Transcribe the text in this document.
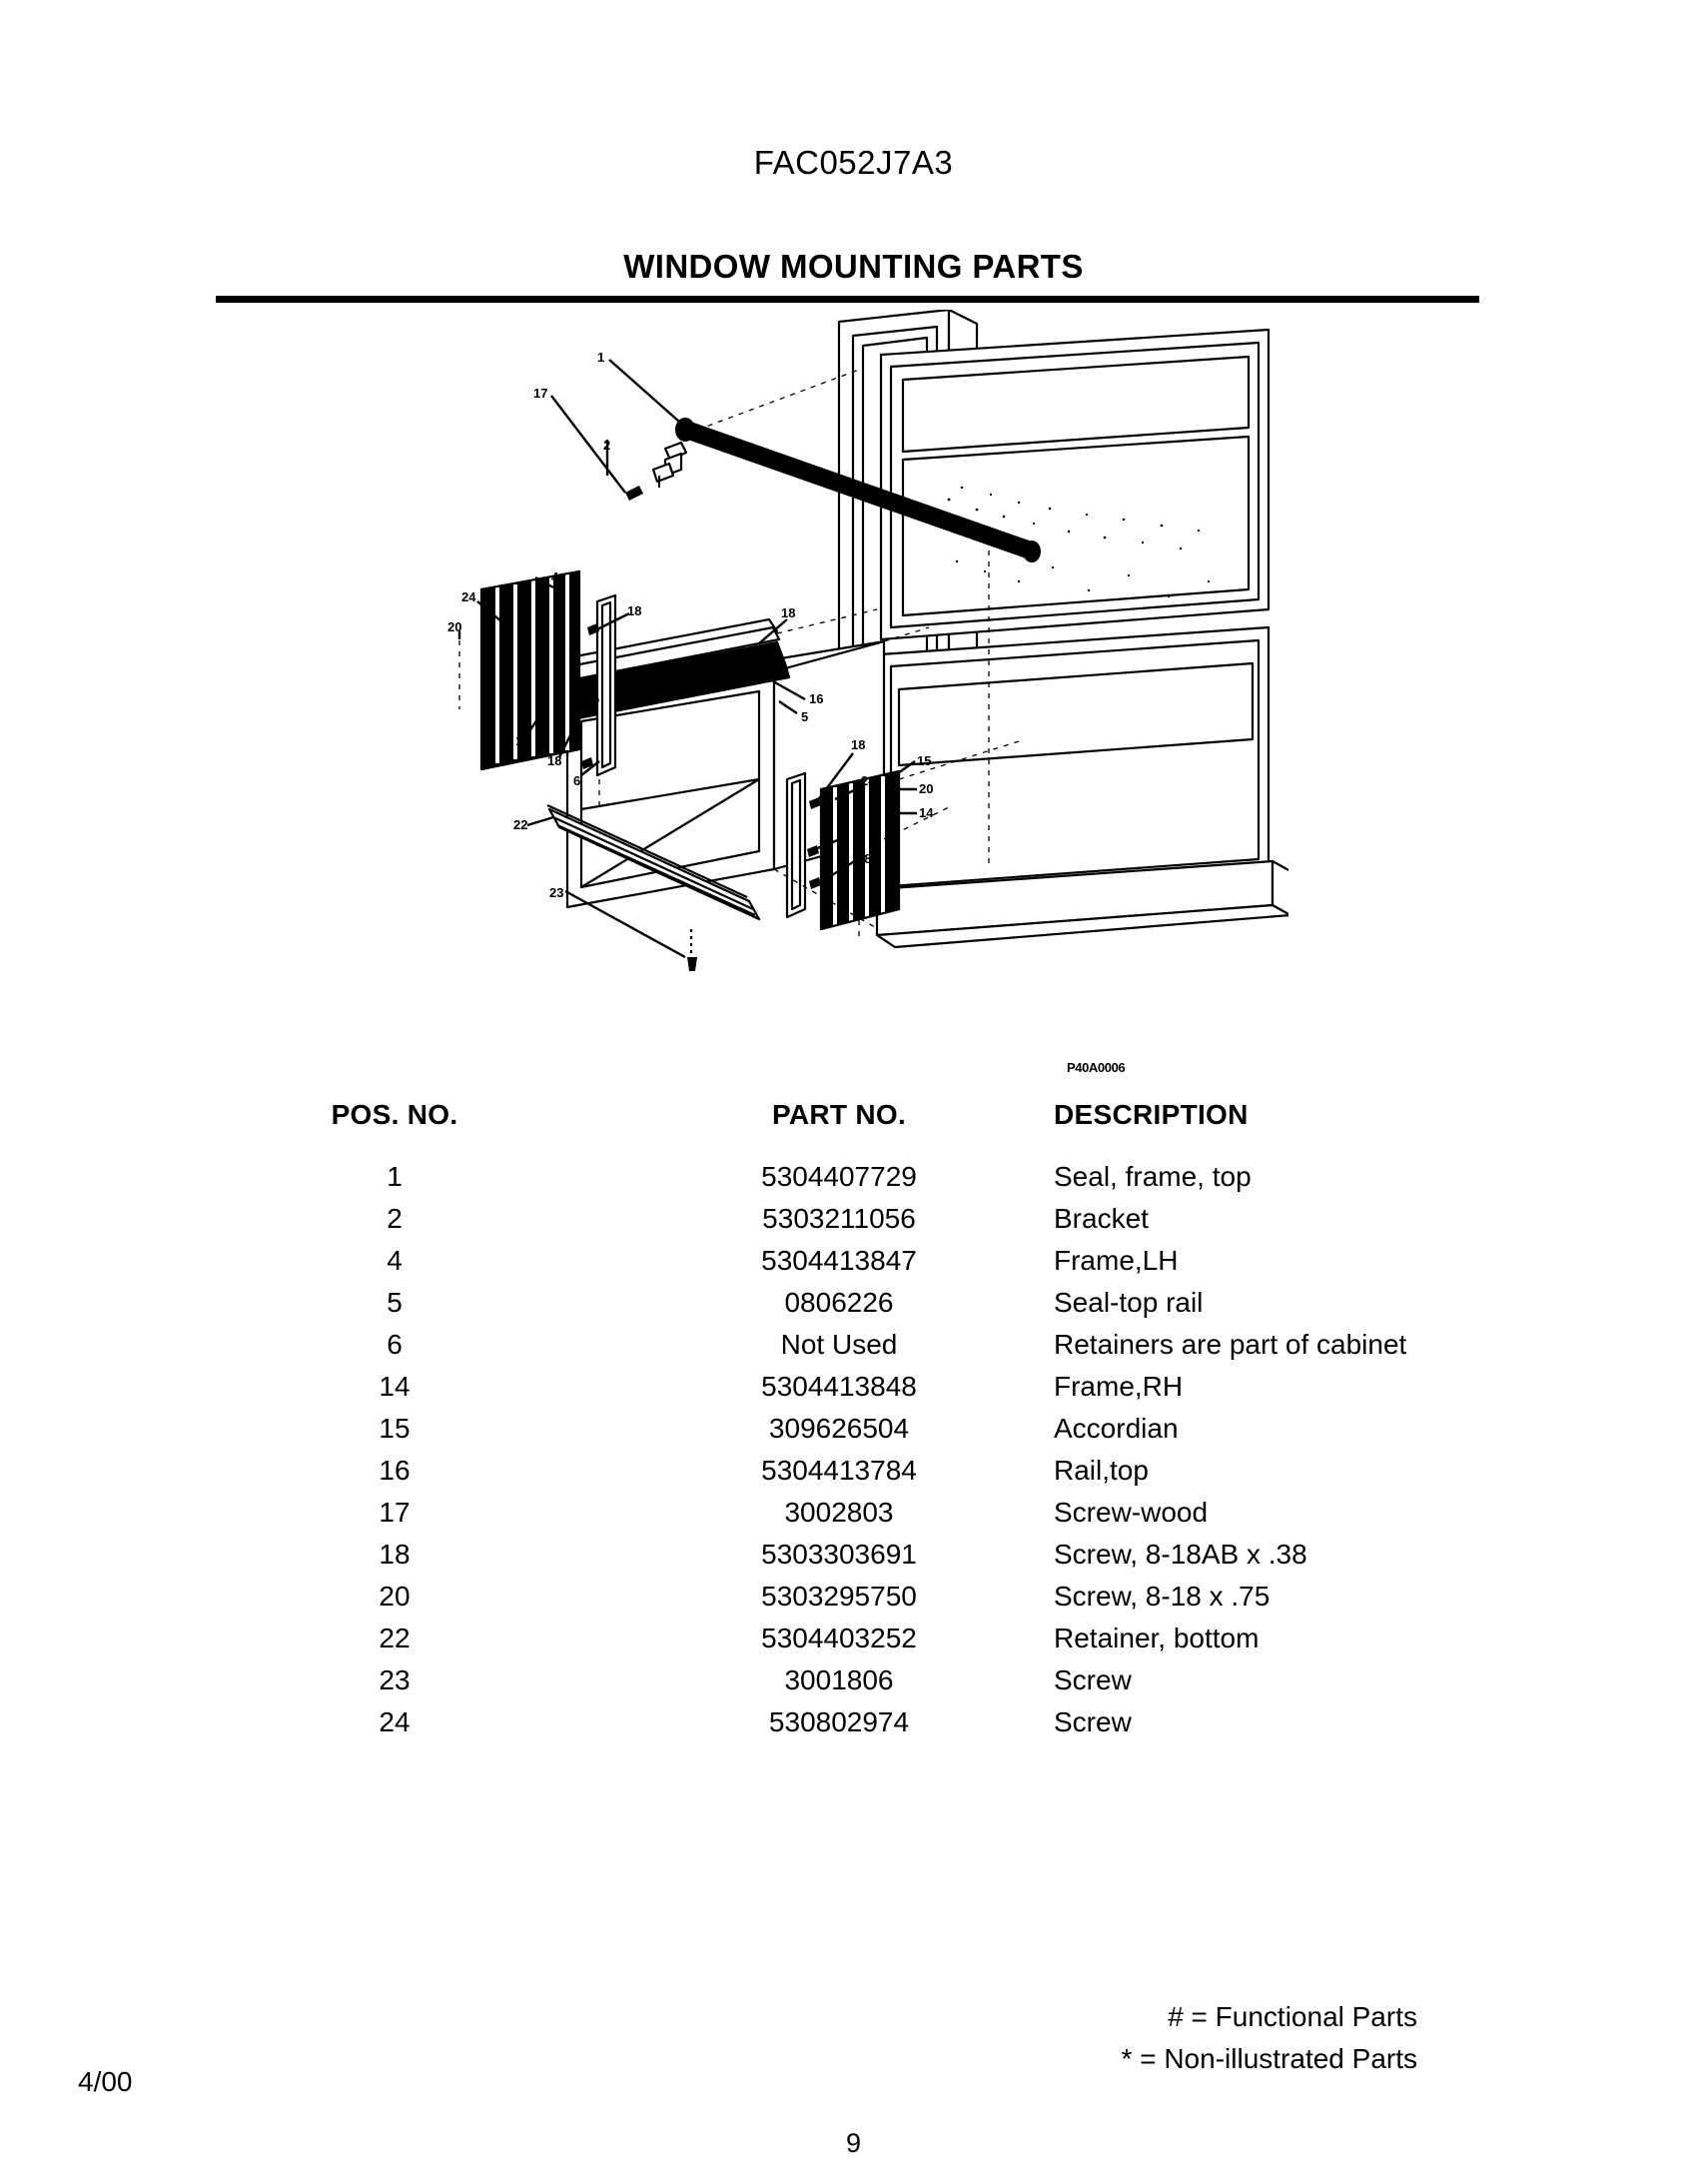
FAC052J7A3
WINDOW MOUNTING PARTS
1
17
2
24
20
4
18
15
18
6
18
16
5
18
22
23
24
6
18
15
20
14
P40A0006
POS. NO.	PART NO.	DESCRIPTION
1	5304407729	Seal, frame, top
2	5303211056	Bracket
4	5304413847	Frame,LH
5	0806226	Seal-top rail
6	Not Used	Retainers are part of cabinet
14	5304413848	Frame,RH
15	309626504	Accordian
16	5304413784	Rail,top
17	3002803	Screw-wood
18	5303303691	Screw, 8-18AB x .38
20	5303295750	Screw, 8-18 x .75
22	5304403252	Retainer, bottom
23	3001806	Screw
24	530802974	Screw
# = Functional Parts
* = Non-illustrated Parts
4/00
9
